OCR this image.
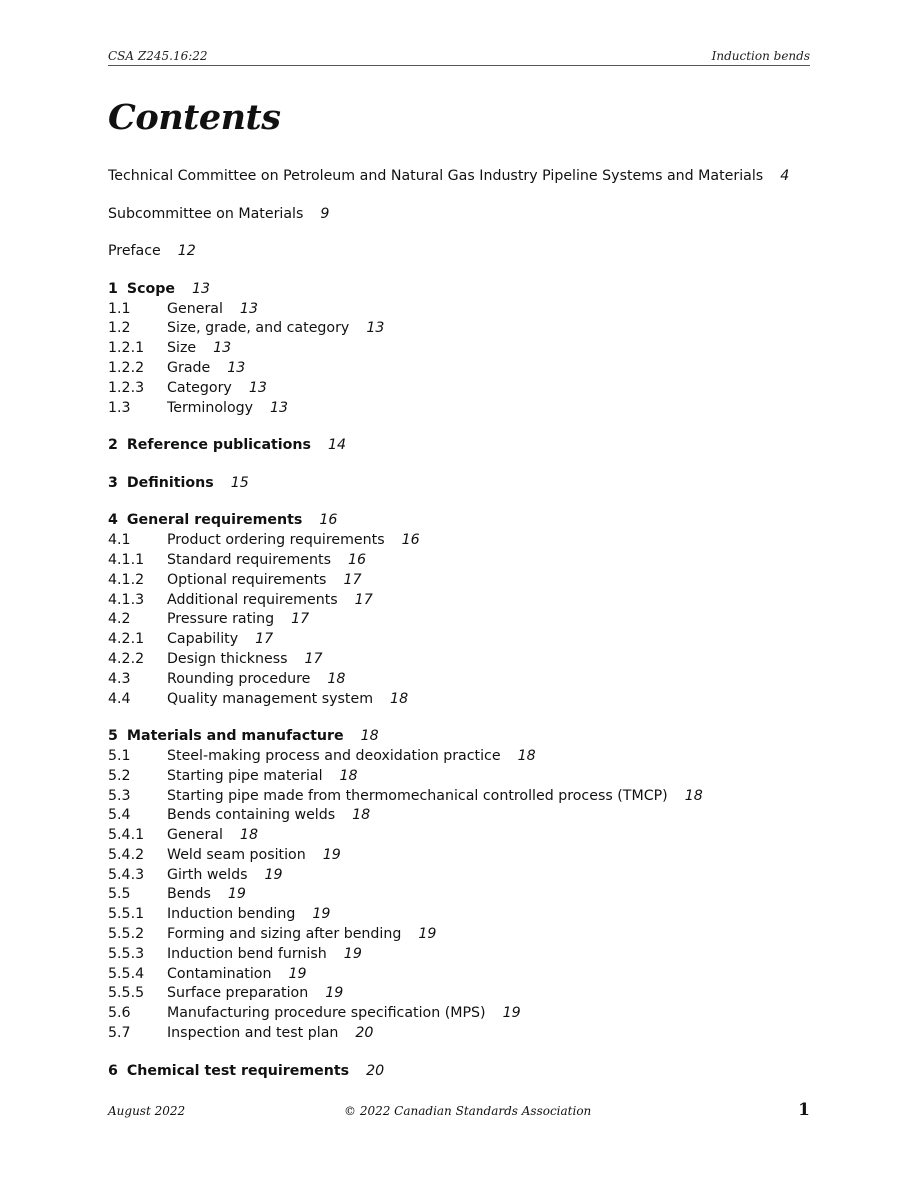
CSA Z245.16:22	Induction bends
Contents
Technical Committee on Petroleum and Natural Gas Industry Pipeline Systems and Materials 4
Subcommittee on Materials 9
Preface 12
1 Scope 13
1.1	General 13
1.2	Size, grade, and category 13
1.2.1 Size 13
1.2.2 Grade 13
1.2.3 Category 13
1.3	Terminology 13
2 Reference publications 14
3 Definitions 15
4 General requirements 16
4.1	Product ordering requirements 16
4.1.1 Standard requirements 16
4.1.2 Optional requirements 17
4.1.3 Additional requirements 17
4.2	Pressure rating 17
4.2.1 Capability 17
4.2.2 Design thickness 17
4.3	Rounding procedure 18
4.4	Quality management system 18
5 Materials and manufacture 18
5.1	Steel-making process and deoxidation practice 18
5.2	Starting pipe material 18
5.3	Starting pipe made from thermomechanical controlled process (TMCP) 18
5.4	Bends containing welds 18
5.4.1 General 18
5.4.2 Weld seam position 19
5.4.3 Girth welds 19
5.5	Bends 19
5.5.1 Induction bending 19
5.5.2 Forming and sizing after bending 19
5.5.3 Induction bend furnish 19
5.5.4 Contamination 19
5.5.5 Surface preparation 19
5.6	Manufacturing procedure specification (MPS) 19
5.7	Inspection and test plan 20
6 Chemical test requirements 20
August 2022	© 2022 Canadian Standards Association	1
